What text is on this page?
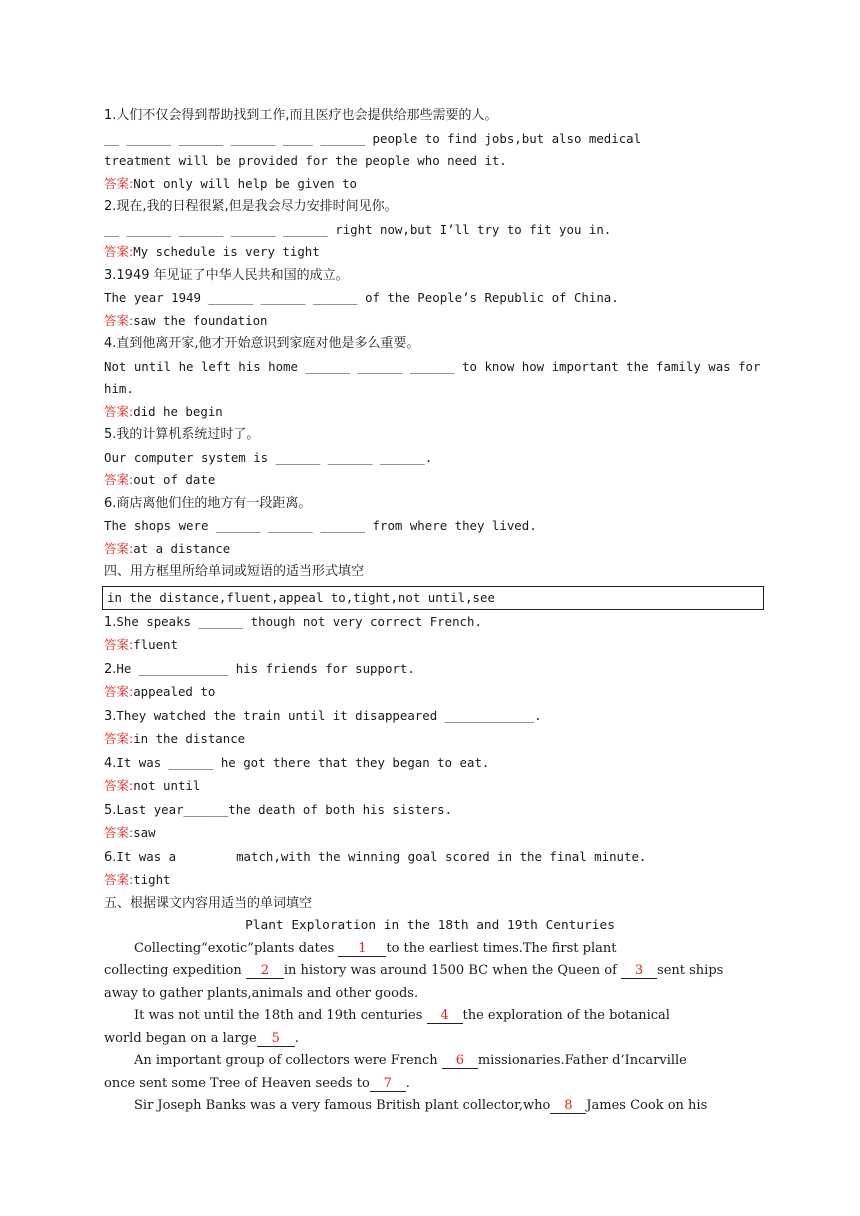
1.人们不仅会得到帮助找到工作,而且医疗也会提供给那些需要的人。
__ ______ ______ ______ ____ ______ people to find jobs,but also medical
treatment will be provided for the people who need it.
答案:Not only will help be given to
2.现在,我的日程很紧,但是我会尽力安排时间见你。
__ ______ ______ ______ ______ right now,but I’ll try to fit you in.
答案:My schedule is very tight
3.1949 年见证了中华人民共和国的成立。
The year 1949 ______ ______ ______ of the People’s Republic of China.
答案:saw the foundation
4.直到他离开家,他才开始意识到家庭对他是多么重要。
Not until he left his home ______ ______ ______ to know how important the family was for
him.
答案:did he begin
5.我的计算机系统过时了。
Our computer system is ______ ______ ______.
答案:out of date
6.商店离他们住的地方有一段距离。
The shops were ______ ______ ______ from where they lived.
答案:at a distance
四、用方框里所给单词或短语的适当形式填空
in the distance,fluent,appeal to,tight,not until,see
1.She speaks ______ though not very correct French.
答案:fluent
2.He ____________ his friends for support.
答案:appealed to
3.They watched the train until it disappeared ____________.
答案:in the distance
4.It was ______ he got there that they began to eat.
答案:not until
5.Last year______the death of both his sisters.
答案:saw
6.It was a	match,with the winning goal scored in the final minute.
答案:tight
五、根据课文内容用适当的单词填空
Plant Exploration in the 18th and 19th Centuries
Collecting“exotic”plants dates 1 to the earliest times.The first plant
collecting expedition 2 in history was around 1500 BC when the Queen of 3 sent ships
away to gather plants,animals and other goods.
It was not until the 18th and 19th centuries 4 the exploration of the botanical
world began on a large 5 .
An important group of collectors were French 6 missionaries.Father d’Incarville
once sent some Tree of Heaven seeds to 7 .
Sir Joseph Banks was a very famous British plant collector,who 8 James Cook on his
